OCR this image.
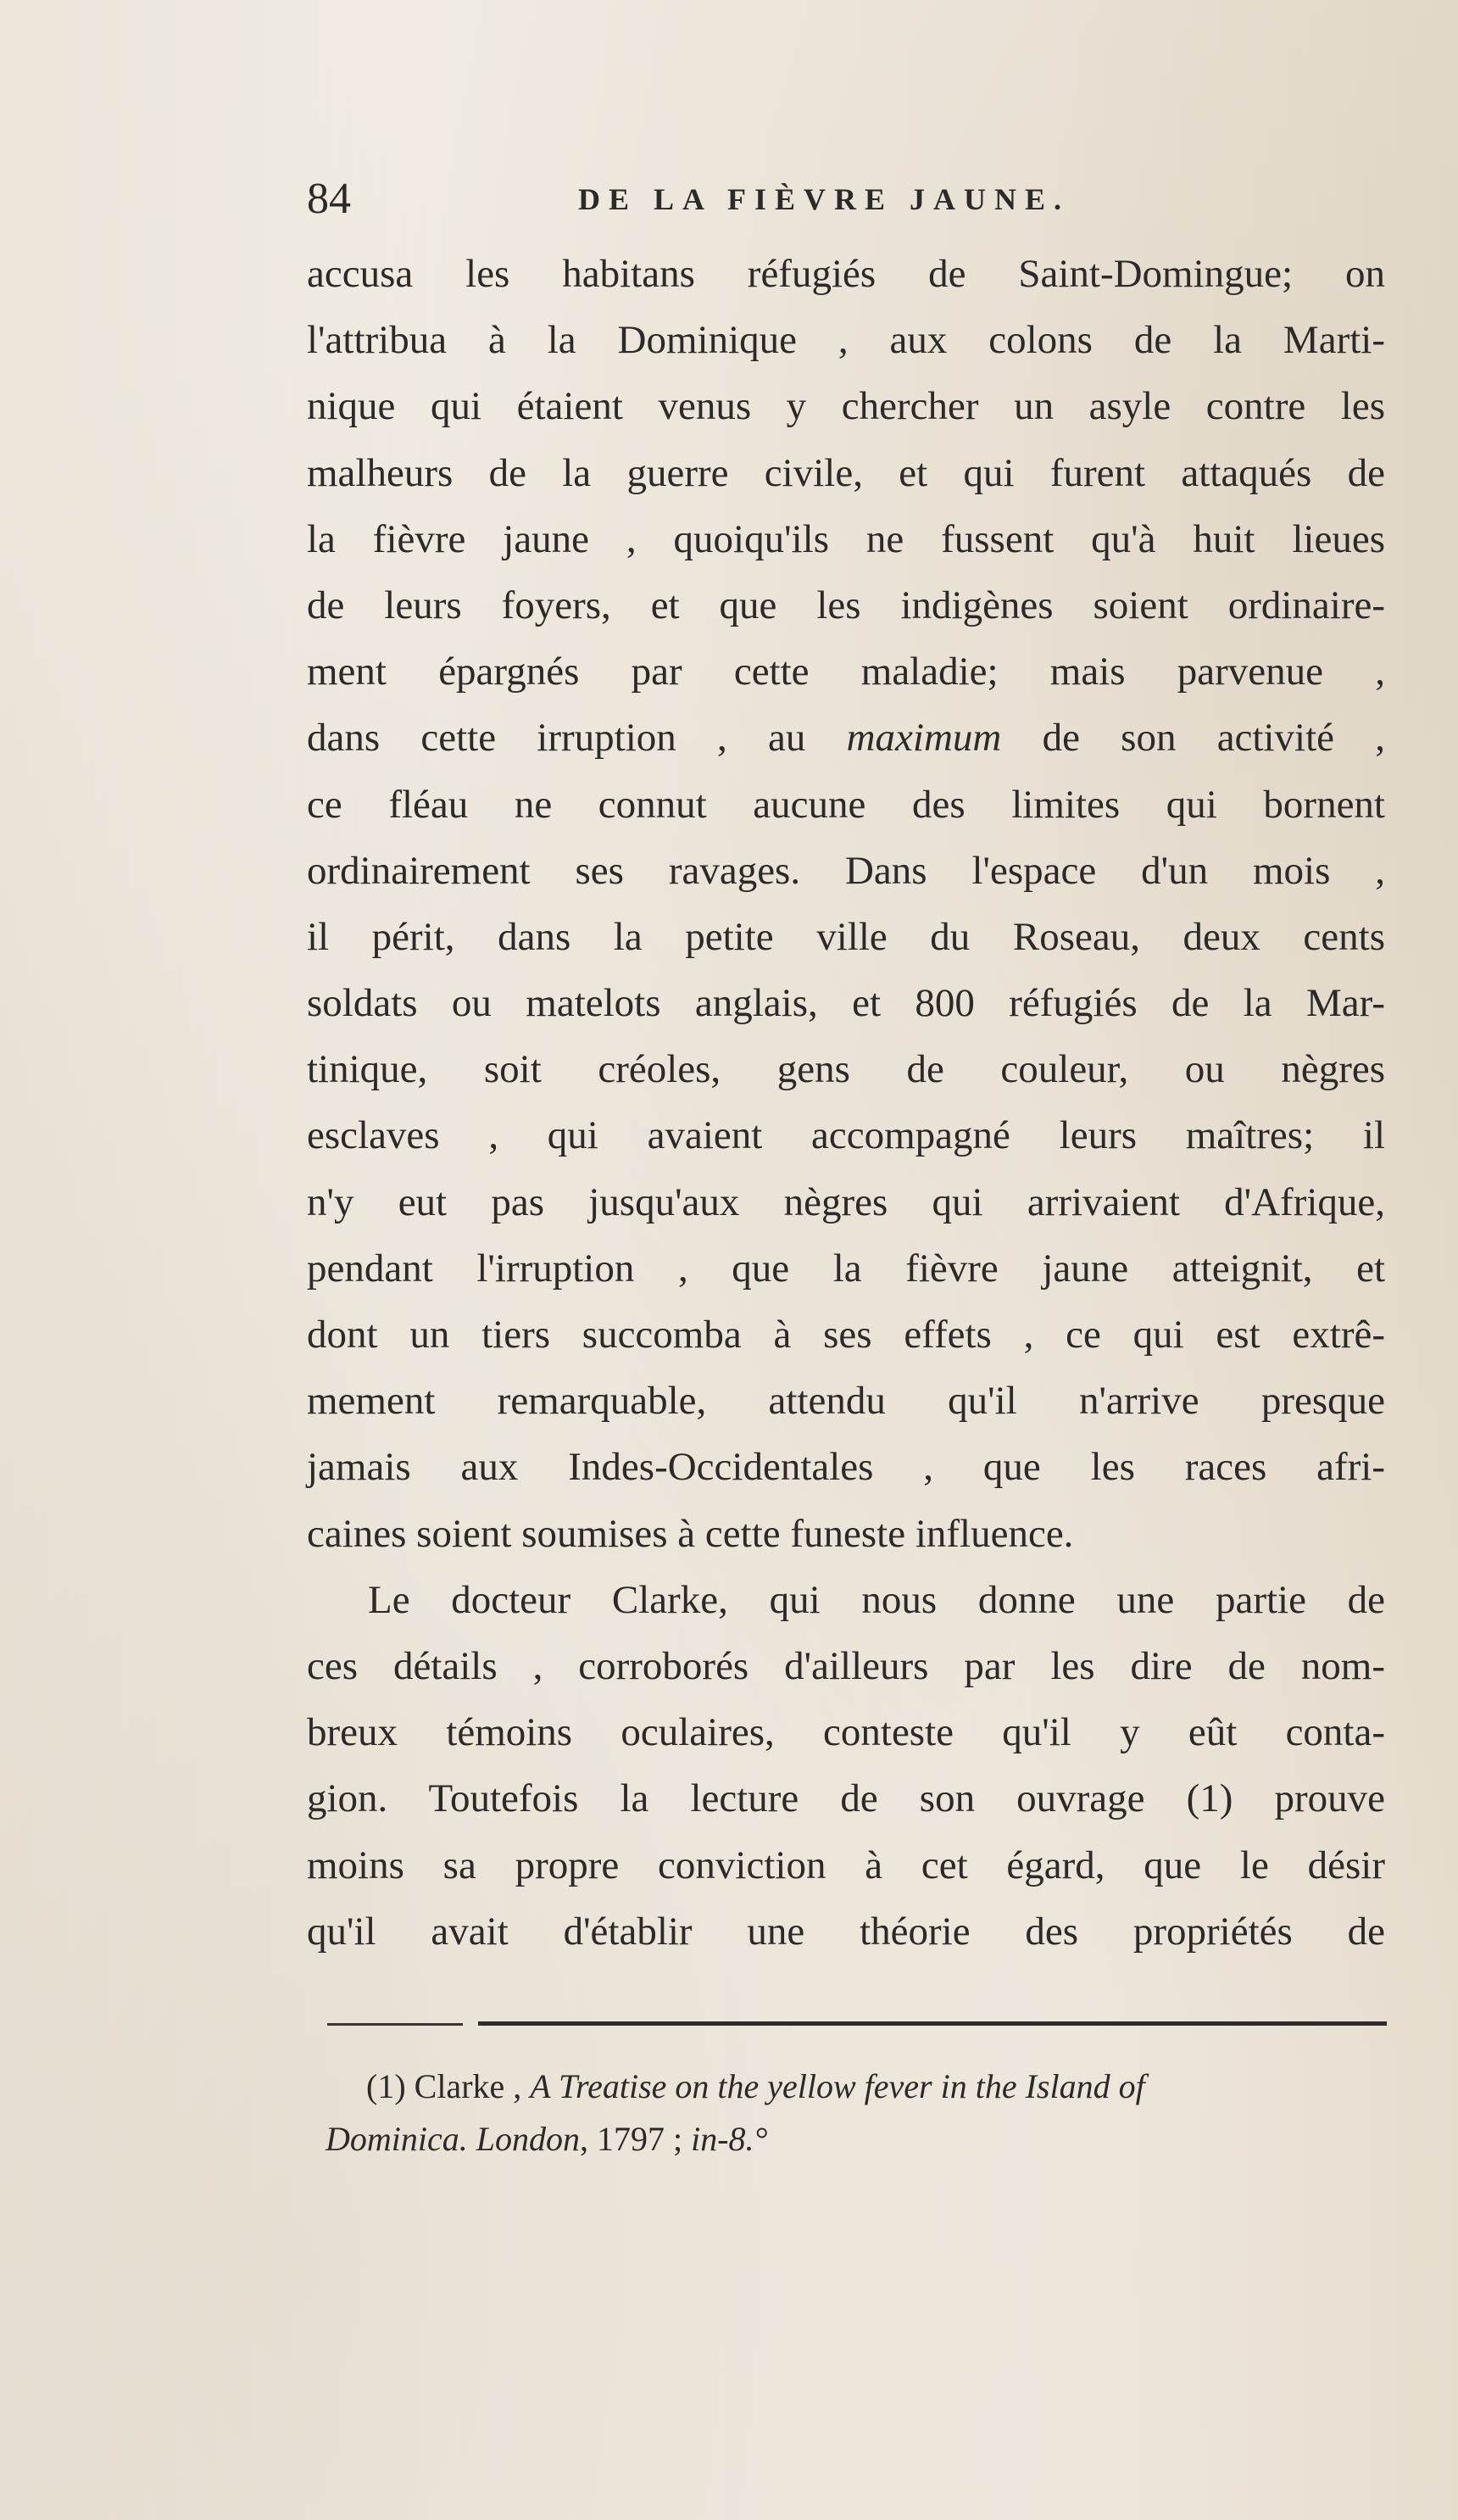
84	DE LA FIÈVRE JAUNE.
accusa les habitans réfugiés de Saint-Domingue; on
l'attribua à la Dominique , aux colons de la Marti-
nique qui étaient venus y chercher un asyle contre les
malheurs de la guerre civile, et qui furent attaqués de
la fièvre jaune , quoiqu'ils ne fussent qu'à huit lieues
de leurs foyers, et que les indigènes soient ordinaire-
ment épargnés par cette maladie; mais parvenue ,
dans cette irruption , au maximum de son activité ,
ce fléau ne connut aucune des limites qui bornent
ordinairement ses ravages. Dans l'espace d'un mois ,
il périt, dans la petite ville du Roseau, deux cents
soldats ou matelots anglais, et 800 réfugiés de la Mar-
tinique, soit créoles, gens de couleur, ou nègres
esclaves , qui avaient accompagné leurs maîtres; il
n'y eut pas jusqu'aux nègres qui arrivaient d'Afrique,
pendant l'irruption , que la fièvre jaune atteignit, et
dont un tiers succomba à ses effets , ce qui est extrê-
mement remarquable, attendu qu'il n'arrive presque
jamais aux Indes-Occidentales , que les races afri-
caines soient soumises à cette funeste influence.
Le docteur Clarke, qui nous donne une partie de
ces détails , corroborés d'ailleurs par les dire de nom-
breux témoins oculaires, conteste qu'il y eût conta-
gion. Toutefois la lecture de son ouvrage (1) prouve
moins sa propre conviction à cet égard, que le désir
qu'il avait d'établir une théorie des propriétés de
(1) Clarke , A Treatise on the yellow fever in the Island of
Dominica. London, 1797 ; in-8.°
